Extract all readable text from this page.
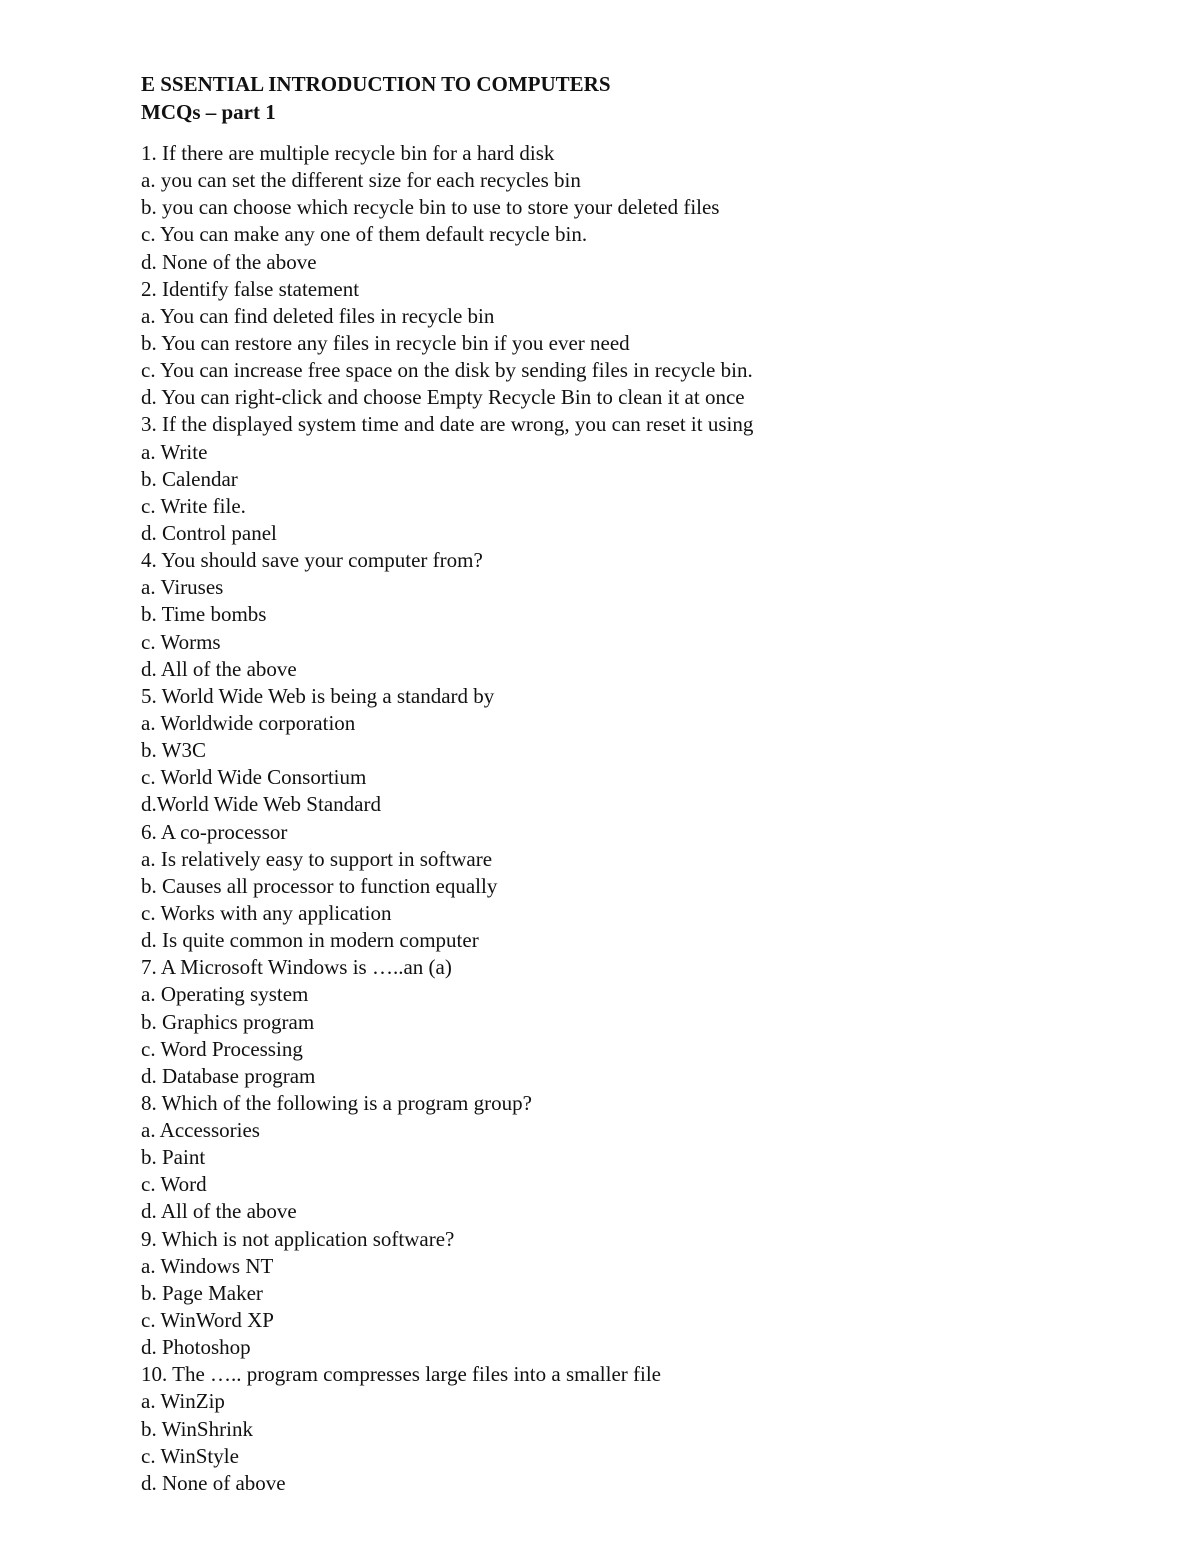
E SSENTIAL INTRODUCTION TO COMPUTERS
MCQs – part 1
1. If there are multiple recycle bin for a hard disk
a. you can set the different size for each recycles bin
b. you can choose which recycle bin to use to store your deleted files
c. You can make any one of them default recycle bin.
d. None of the above
2. Identify false statement
a. You can find deleted files in recycle bin
b. You can restore any files in recycle bin if you ever need
c. You can increase free space on the disk by sending files in recycle bin.
d. You can right-click and choose Empty Recycle Bin to clean it at once
3. If the displayed system time and date are wrong, you can reset it using
a. Write
b. Calendar
c. Write file.
d. Control panel
4. You should save your computer from?
a. Viruses
b. Time bombs
c. Worms
d. All of the above
5. World Wide Web is being a standard by
a. Worldwide corporation
b. W3C
c. World Wide Consortium
d.World Wide Web Standard
6. A co-processor
a. Is relatively easy to support in software
b. Causes all processor to function equally
c. Works with any application
d. Is quite common in modern computer
7. A Microsoft Windows is …..an (a)
a. Operating system
b. Graphics program
c. Word Processing
d. Database program
8. Which of the following is a program group?
a. Accessories
b. Paint
c. Word
d. All of the above
9. Which is not application software?
a. Windows NT
b. Page Maker
c. WinWord XP
d. Photoshop
10. The ….. program compresses large files into a smaller file
a. WinZip
b. WinShrink
c. WinStyle
d. None of above
